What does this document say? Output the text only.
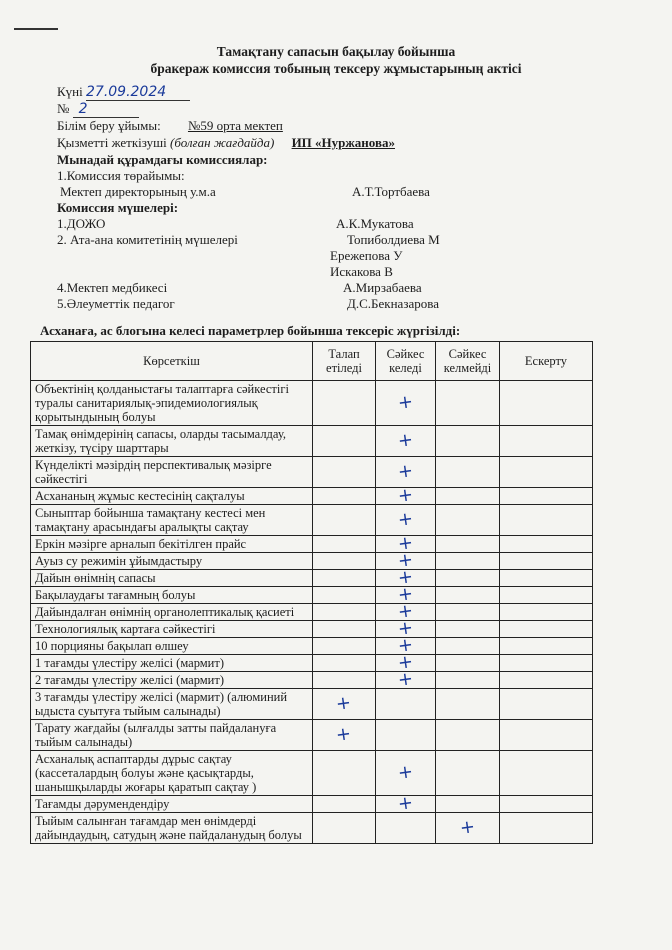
Тамақтану сапасын бақылау бойынша
бракераж комиссия тобының тексеру жұмыстарының актісі
Күні 27.09.2024
№ 2
Білім беру ұйымы: №59 орта мектеп
Қызметті жеткізуші (болған жағдайда) ИП «Нуржанова»
Мынадай құрамдағы комиссиялар:
1.Комиссия төрайымы:
Мектеп директорының у.м.а	А.Т.Тортбаева
Комиссия мүшелері:
1.ДОЖО	А.К.Мукатова
2. Ата-ана комитетінің мүшелері	Топиболдиева М
Ережепова У
Искакова В
4.Мектеп медбикесі	А.Мирзабаева
5.Әлеуметтік педагог	Д.С.Бекназарова
Асханаға, ас блогына келесі параметрлер бойынша тексеріс жүргізілді:
Көрсеткіш	Талап етіледі	Сәйкес келеді	Сәйкес келмейді	Ескерту
Объектінің қолданыстағы талаптарға сәйкестігі туралы санитариялық-эпидемиологиялық қорытындының болуы		+		
Тамақ өнімдерінің сапасы, оларды тасымалдау, жеткізу, түсіру шарттары		+		
Күнделікті мәзірдің перспективалық мәзірге сәйкестігі		+		
Асхананың жұмыс кестесінің сақталуы		+		
Сыныптар бойынша тамақтану кестесі мен тамақтану арасындағы аралықты сақтау		+		
Еркін мәзірге арналып бекітілген прайс		+		
Ауыз су режимін ұйымдастыру		+		
Дайын өнімнің сапасы		+		
Бақылаудағы тағамның болуы		+		
Дайындалған өнімнің органолептикалық қасиеті		+		
Технологиялық картаға сәйкестігі		+		
10 порцияны бақылап өлшеу		+		
1 тағамды үлестіру желісі (мармит)		+		
2 тағамды үлестіру желісі (мармит)		+		
3 тағамды үлестіру желісі (мармит) (алюминий ыдыста суытуға тыйым салынады)	+			
Тарату жағдайы (ылғалды затты пайдалануға тыйым салынады)	+			
Асханалық аспаптарды дұрыс сақтау (кассеталардың болуы және қасықтарды, шанышқыларды жоғары қаратып сақтау )		+		
Тағамды дәрумендендіру		+		
Тыйым салынған тағамдар мен өнімдерді дайындаудың, сатудың және пайдаланудың болуы			+	
